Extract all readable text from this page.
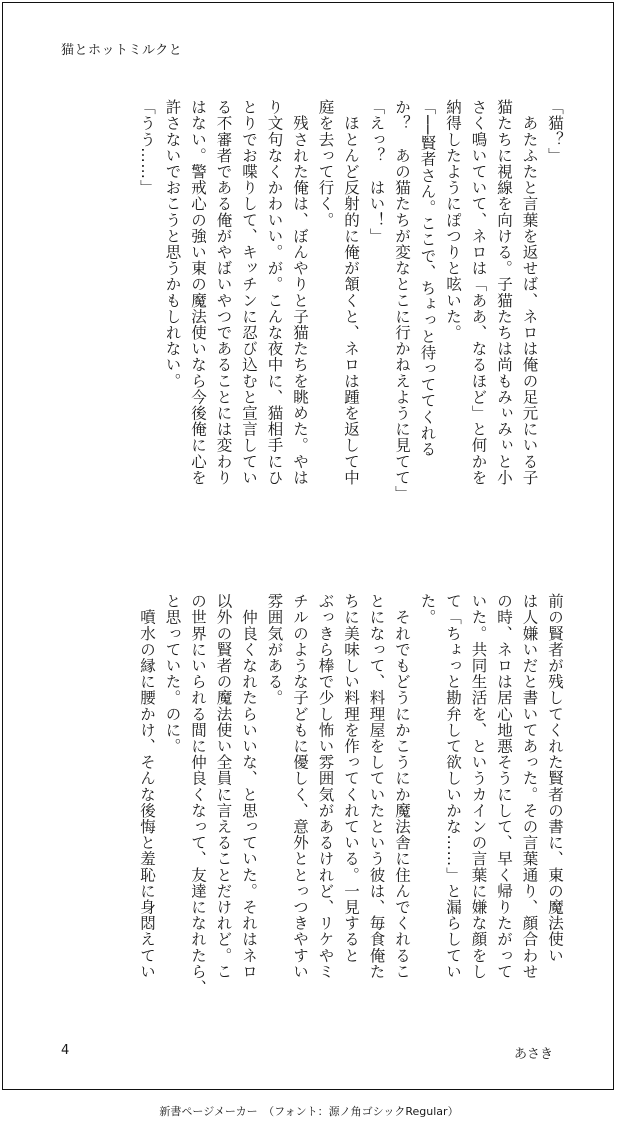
猫とホットミルクと
「猫？」
　あたふたと言葉を返せば、ネロは俺の足元にいる子
猫たちに視線を向ける。子猫たちは尚もみぃみぃと小
さく鳴いていて、ネロは「ああ、なるほど」と何かを
納得したようにぽつりと呟いた。
「──賢者さん。ここで、ちょっと待っててくれる
か？　あの猫たちが変なとこに行かねえように見てて」
「えっ？　はい！」
　ほとんど反射的に俺が頷くと、ネロは踵を返して中
庭を去って行く。
　残された俺は、ぼんやりと子猫たちを眺めた。やは
り文句なくかわいい。が。こんな夜中に、猫相手にひ
とりでお喋りして、キッチンに忍び込むと宣言してい
る不審者である俺がやばいやつであることには変わり
はない。警戒心の強い東の魔法使いなら今後俺に心を
許さないでおこうと思うかもしれない。
「うう……」
前の賢者が残してくれた賢者の書に、東の魔法使い
は人嫌いだと書いてあった。その言葉通り、顔合わせ
の時、ネロは居心地悪そうにして、早く帰りたがって
いた。共同生活を、というカインの言葉に嫌な顔をし
て「ちょっと勘弁して欲しいかな……」と漏らしてい
た。
　それでもどうにかこうにか魔法舎に住んでくれるこ
とになって、料理屋をしていたという彼は、毎食俺た
ちに美味しい料理を作ってくれている。一見すると
ぶっきら棒で少し怖い雰囲気があるけれど、リケやミ
チルのような子どもに優しく、意外ととっつきやすい
雰囲気がある。
　仲良くなれたらいいな、と思っていた。それはネロ
以外の賢者の魔法使い全員に言えることだけれど。こ
の世界にいられる間に仲良くなって、友達になれたら、
と思っていた。のに。
　噴水の縁に腰かけ、そんな後悔と羞恥に身悶えてい
4	あさき
新書ページメーカー　（フォント：源ノ角ゴシックRegular）
